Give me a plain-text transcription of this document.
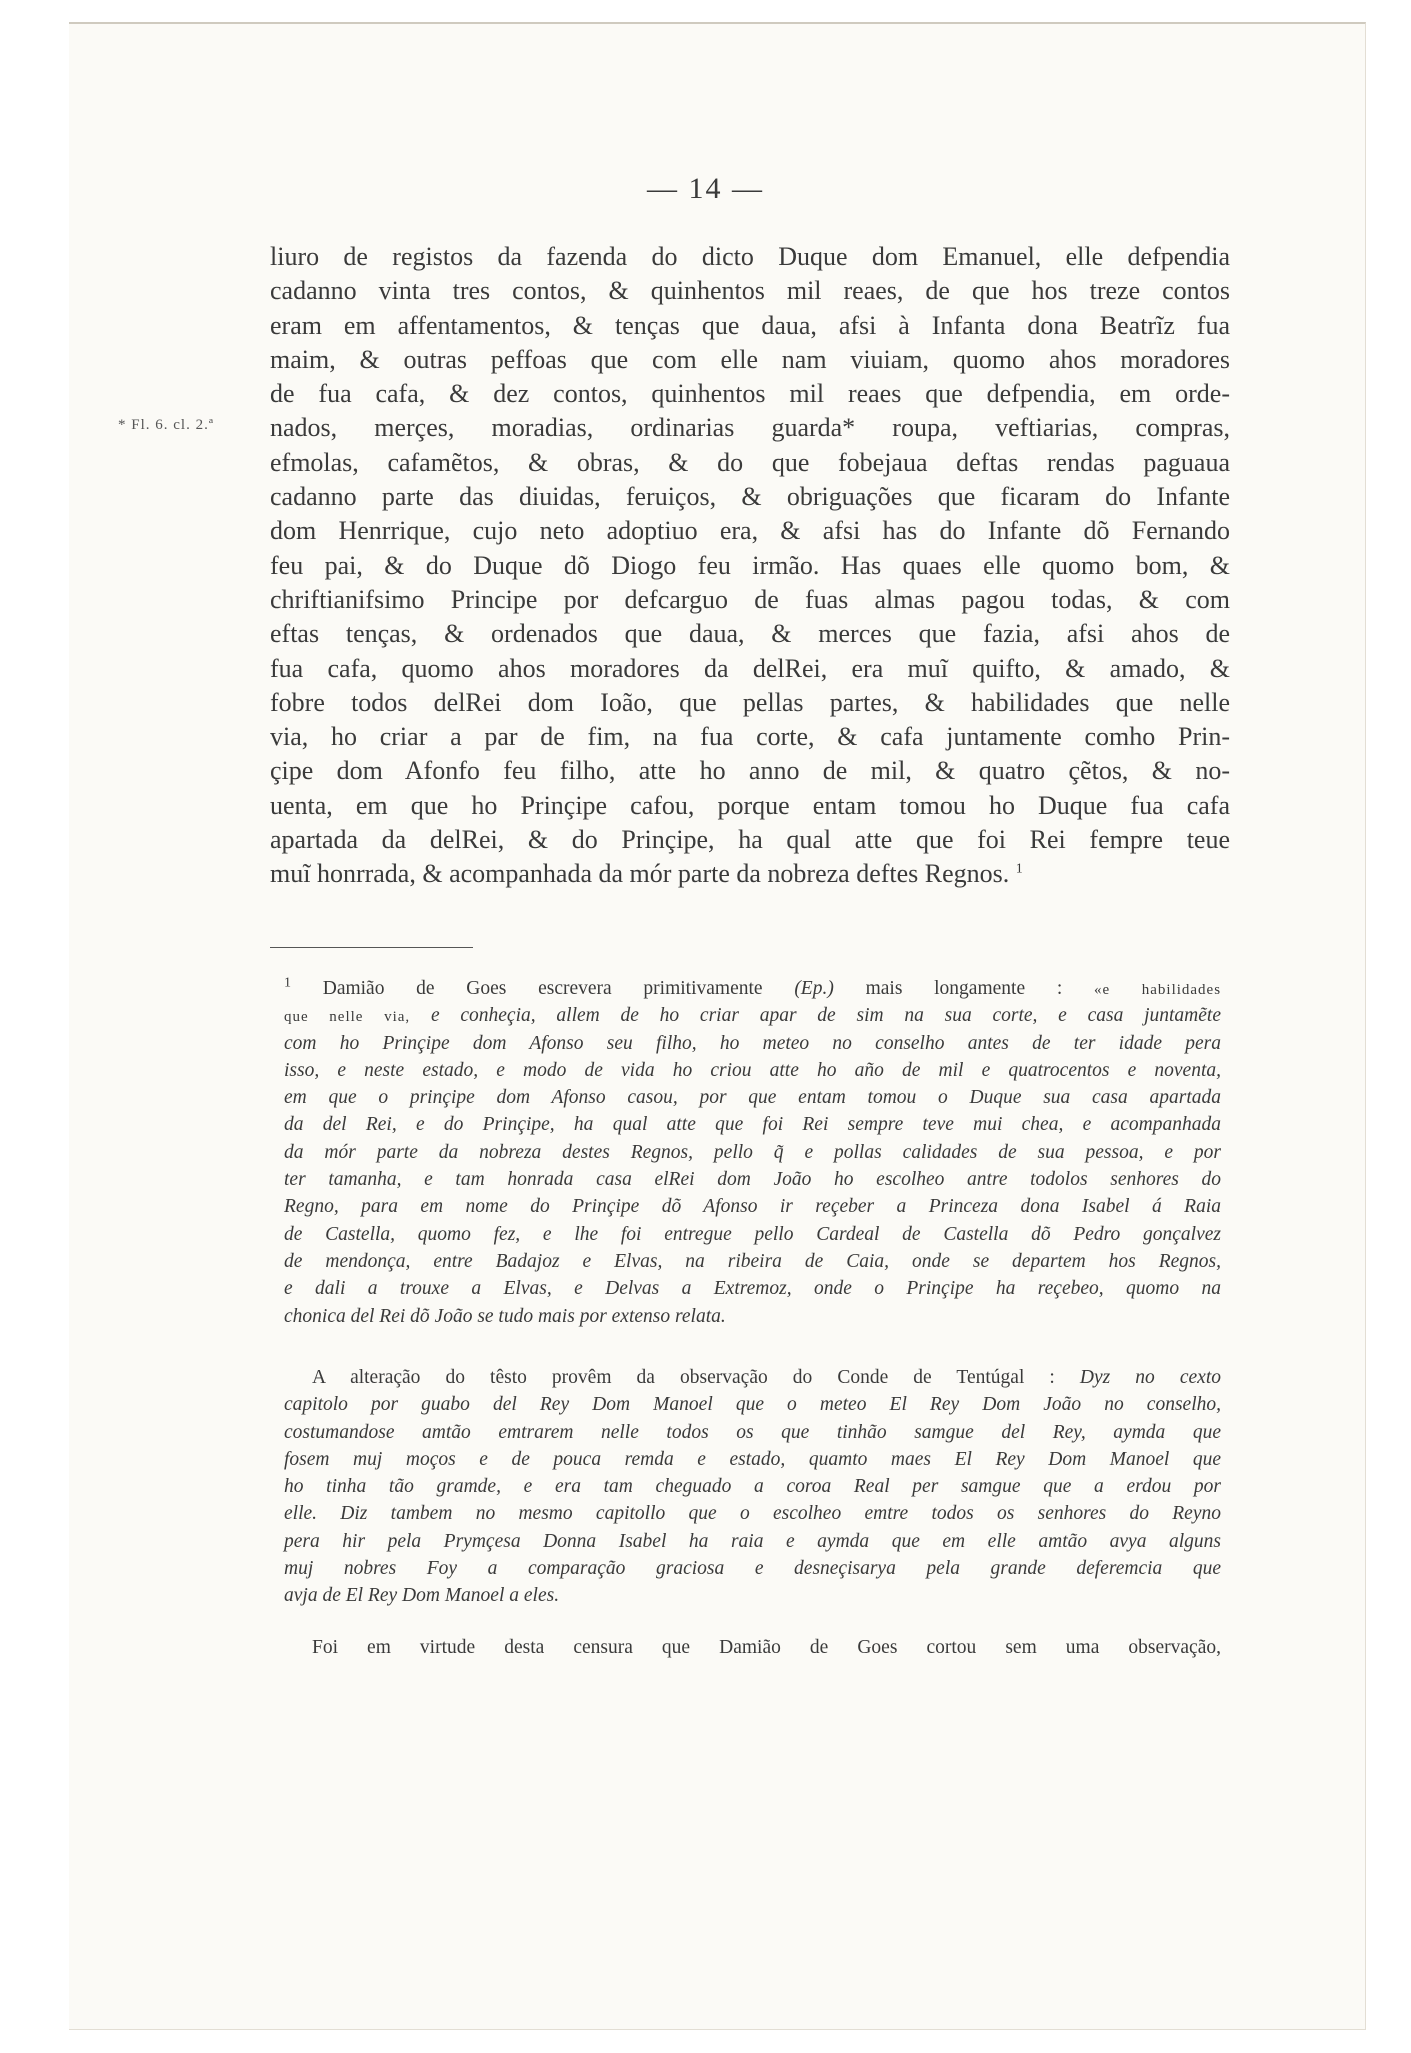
— 14 —
* Fl. 6. cl. 2.ª
liuro de registos da fazenda do dicto Duque dom Emanuel, elle defpendia
cadanno vinta tres contos, & quinhentos mil reaes, de que hos treze contos
eram em affentamentos, & tenças que daua, afsi à Infanta dona Beatrĩz fua
maim, & outras peffoas que com elle nam viuiam, quomo ahos moradores
de fua cafa, & dez contos, quinhentos mil reaes que defpendia, em orde-
nados, merçes, moradias, ordinarias guarda* roupa, veftiarias, compras,
efmolas, cafamẽtos, & obras, & do que fobejaua deftas rendas paguaua
cadanno parte das diuidas, feruiços, & obriguações que ficaram do Infante
dom Henrrique, cujo neto adoptiuo era, & afsi has do Infante dõ Fernando
feu pai, & do Duque dõ Diogo feu irmão. Has quaes elle quomo bom, &
chriftianifsimo Principe por defcarguo de fuas almas pagou todas, & com
eftas tenças, & ordenados que daua, & merces que fazia, afsi ahos de
fua cafa, quomo ahos moradores da delRei, era muĩ quifto, & amado, &
fobre todos delRei dom Ioão, que pellas partes, & habilidades que nelle
via, ho criar a par de fim, na fua corte, & cafa juntamente comho Prin-
çipe dom Afonfo feu filho, atte ho anno de mil, & quatro çẽtos, & no-
uenta, em que ho Prinçipe cafou, porque entam tomou ho Duque fua cafa
apartada da delRei, & do Prinçipe, ha qual atte que foi Rei fempre teue
muĩ honrrada, & acompanhada da mór parte da nobreza deftes Regnos. $^1$
$^1$ Damião de Goes escrevera primitivamente (Ep.) mais longamente : «e habilidades
que nelle via, e conheçia, allem de ho criar apar de sim na sua corte, e casa juntamẽte
com ho Prinçipe dom Afonso seu filho, ho meteo no conselho antes de ter idade pera
isso, e neste estado, e modo de vida ho criou atte ho año de mil e quatrocentos e noventa,
em que o prinçipe dom Afonso casou, por que entam tomou o Duque sua casa apartada
da del Rei, e do Prinçipe, ha qual atte que foi Rei sempre teve mui chea, e acompanhada
da mór parte da nobreza destes Regnos, pello q̃ e pollas calidades de sua pessoa, e por
ter tamanha, e tam honrada casa elRei dom João ho escolheo antre todolos senhores do
Regno, para em nome do Prinçipe dõ Afonso ir reçeber a Princeza dona Isabel á Raia
de Castella, quomo fez, e lhe foi entregue pello Cardeal de Castella dõ Pedro gonçalvez
de mendonça, entre Badajoz e Elvas, na ribeira de Caia, onde se departem hos Regnos,
e dali a trouxe a Elvas, e Delvas a Extremoz, onde o Prinçipe ha reçebeo, quomo na
chonica del Rei dõ João se tudo mais por extenso relata.
A alteração do têsto provêm da observação do Conde de Tentúgal : Dyz no cexto
capitolo por guabo del Rey Dom Manoel que o meteo El Rey Dom João no conselho,
costumandose amtão emtrarem nelle todos os que tinhão samgue del Rey, aymda que
fosem muj moços e de pouca remda e estado, quamto maes El Rey Dom Manoel que
ho tinha tão gramde, e era tam cheguado a coroa Real per samgue que a erdou por
elle. Diz tambem no mesmo capitollo que o escolheo emtre todos os senhores do Reyno
pera hir pela Prymçesa Donna Isabel ha raia e aymda que em elle amtão avya alguns
muj nobres Foy a comparação graciosa e desneçisarya pela grande deferemcia que
avja de El Rey Dom Manoel a eles.
Foi em virtude desta censura que Damião de Goes cortou sem uma observação,
